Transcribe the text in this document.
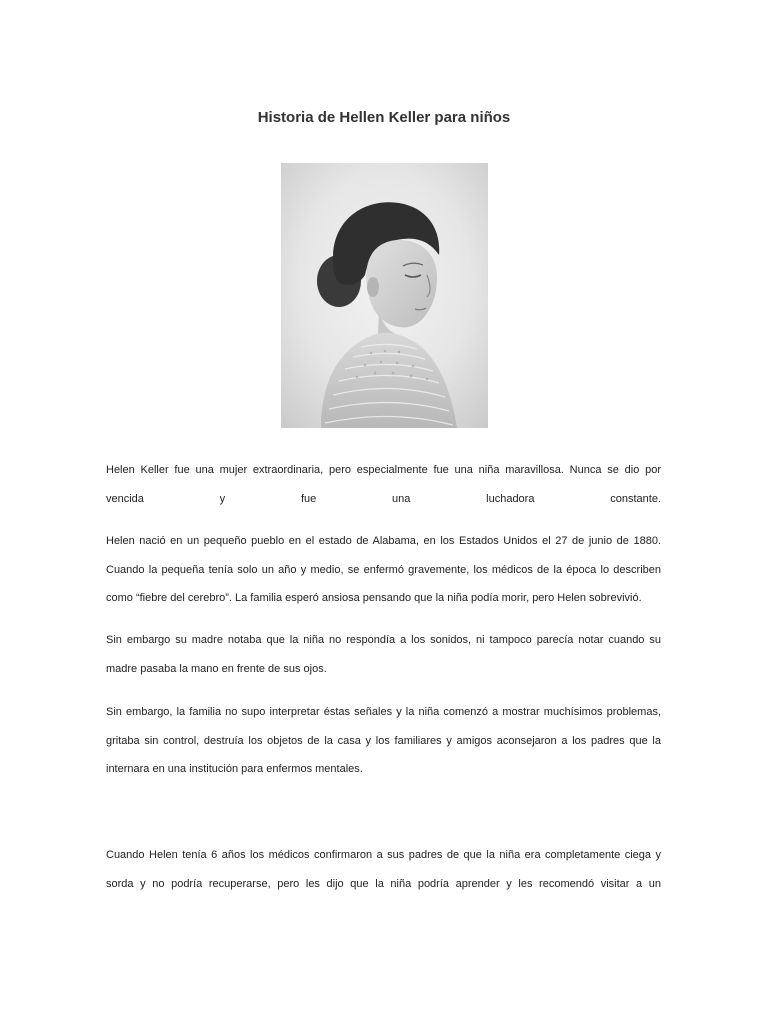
Historia de Hellen Keller para niños

Helen Keller fue una mujer extraordinaria, pero especialmente fue una niña maravillosa. Nunca se dio por vencida y fue una luchadora constante.

Helen nació en un pequeño pueblo en el estado de Alabama, en los Estados Unidos el 27 de junio de 1880. Cuando la pequeña tenía solo un año y medio, se enfermó gravemente, los médicos de la época lo describen como “fiebre del cerebro”. La familia esperó ansiosa pensando que la niña podía morir, pero Helen sobrevivió.

Sin embargo su madre notaba que la niña no respondía a los sonidos, ni tampoco parecía notar cuando su madre pasaba la mano en frente de sus ojos.

Sin embargo, la familia no supo interpretar éstas señales y la niña comenzó a mostrar muchísimos problemas, gritaba sin control, destruía los objetos de la casa y los familiares y amigos aconsejaron a los padres que la internara en una institución para enfermos mentales.

Cuando Helen tenía 6 años los médicos confirmaron a sus padres de que la niña era completamente ciega y sorda y no podría recuperarse, pero les dijo que la niña podría aprender y les recomendó visitar a un
